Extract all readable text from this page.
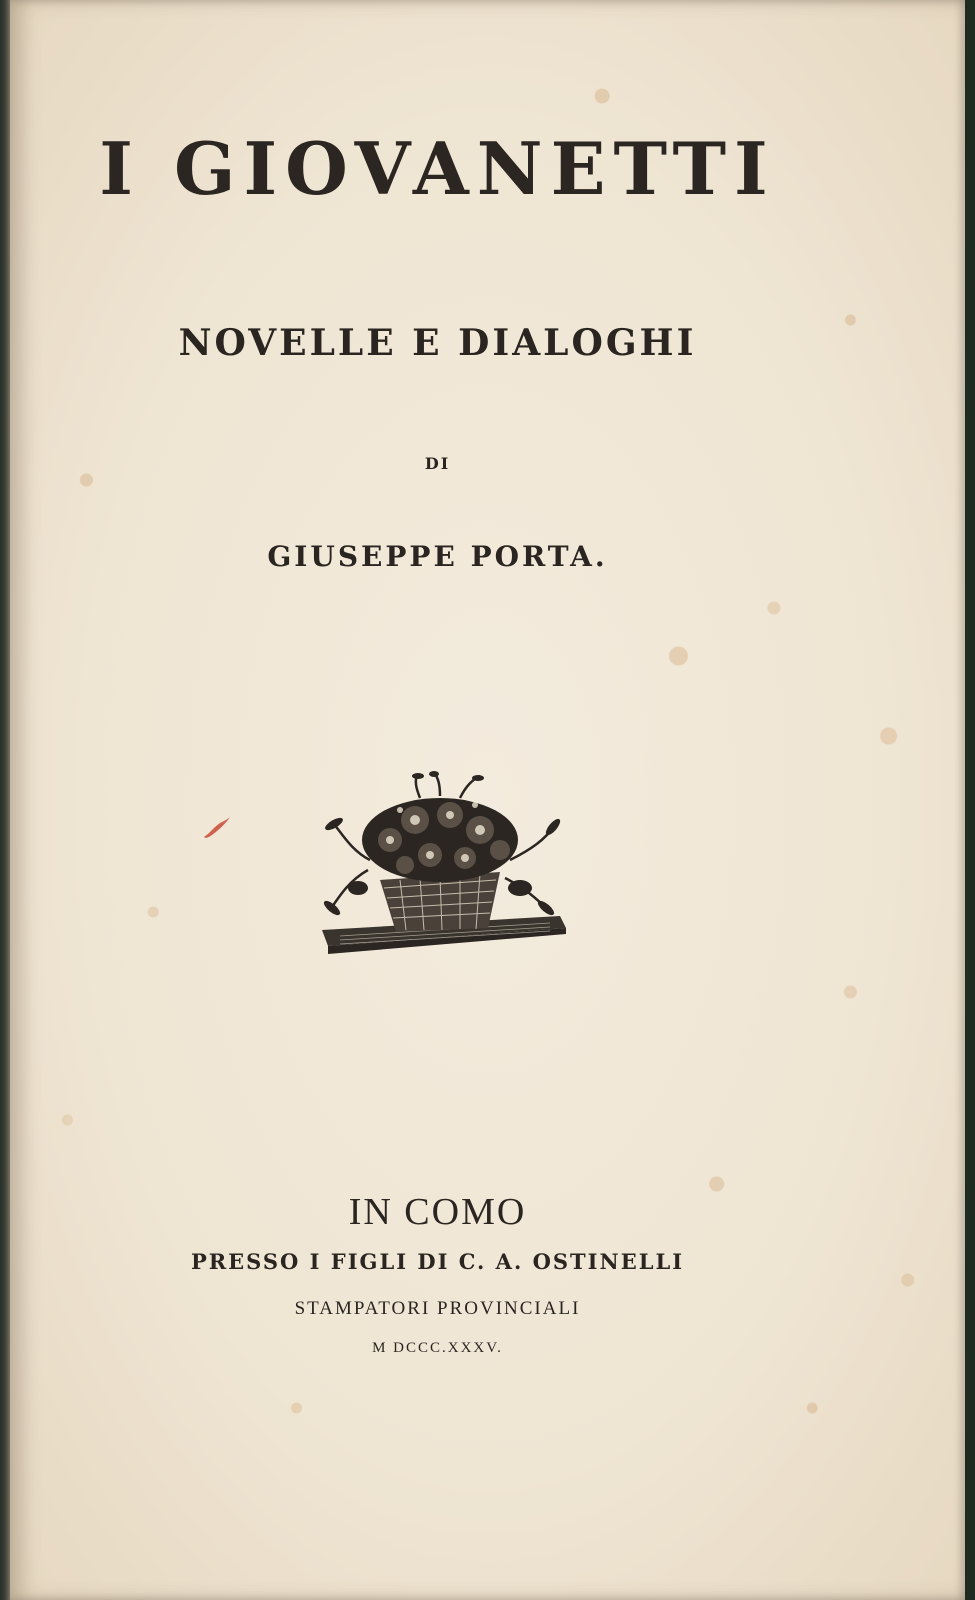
I GIOVANETTI
NOVELLE E DIALOGHI
DI
GIUSEPPE PORTA.
IN COMO
PRESSO I FIGLI DI C. A. OSTINELLI
STAMPATORI PROVINCIALI
M DCCC.XXXV.
